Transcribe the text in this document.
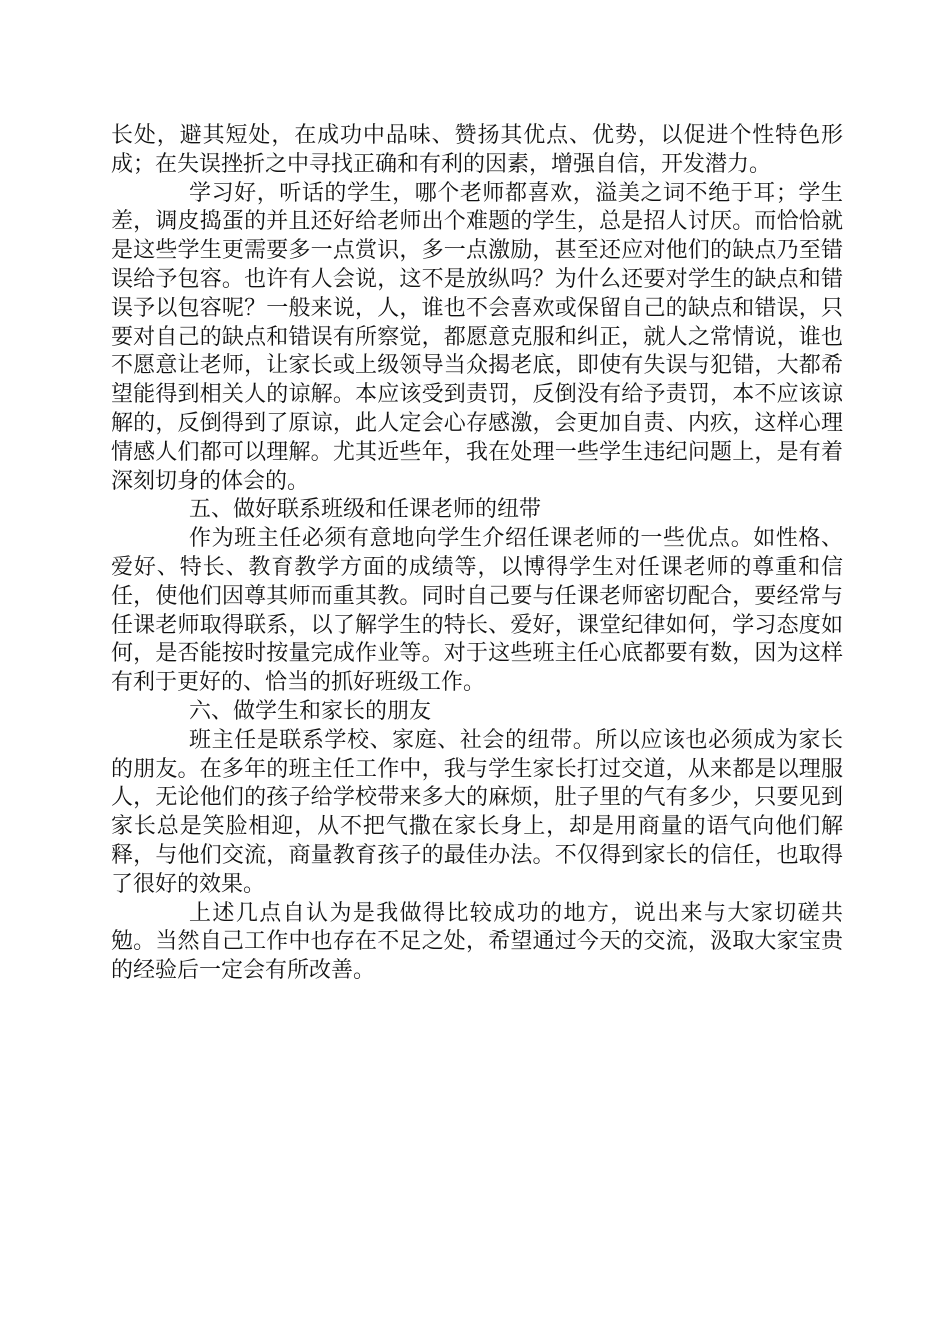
长处，避其短处，在成功中品味、赞扬其优点、优势，以促进个性特色形成；在失误挫折之中寻找正确和有利的因素，增强自信，开发潜力。

学习好，听话的学生，哪个老师都喜欢，溢美之词不绝于耳；学生差，调皮捣蛋的并且还好给老师出个难题的学生，总是招人讨厌。而恰恰就是这些学生更需要多一点赏识，多一点激励，甚至还应对他们的缺点乃至错误给予包容。也许有人会说，这不是放纵吗？为什么还要对学生的缺点和错误予以包容呢？一般来说，人，谁也不会喜欢或保留自己的缺点和错误，只要对自己的缺点和错误有所察觉，都愿意克服和纠正，就人之常情说，谁也不愿意让老师，让家长或上级领导当众揭老底，即使有失误与犯错，大都希望能得到相关人的谅解。本应该受到责罚，反倒没有给予责罚，本不应该谅解的，反倒得到了原谅，此人定会心存感激，会更加自责、内疚，这样心理情感人们都可以理解。尤其近些年，我在处理一些学生违纪问题上，是有着深刻切身的体会的。

五、做好联系班级和任课老师的纽带

作为班主任必须有意地向学生介绍任课老师的一些优点。如性格、爱好、特长、教育教学方面的成绩等，以博得学生对任课老师的尊重和信任，使他们因尊其师而重其教。同时自己要与任课老师密切配合，要经常与任课老师取得联系，以了解学生的特长、爱好，课堂纪律如何，学习态度如何，是否能按时按量完成作业等。对于这些班主任心底都要有数，因为这样有利于更好的、恰当的抓好班级工作。

六、做学生和家长的朋友

班主任是联系学校、家庭、社会的纽带。所以应该也必须成为家长的朋友。在多年的班主任工作中，我与学生家长打过交道，从来都是以理服人，无论他们的孩子给学校带来多大的麻烦，肚子里的气有多少，只要见到家长总是笑脸相迎，从不把气撒在家长身上，却是用商量的语气向他们解释，与他们交流，商量教育孩子的最佳办法。不仅得到家长的信任，也取得了很好的效果。

上述几点自认为是我做得比较成功的地方，说出来与大家切磋共勉。当然自己工作中也存在不足之处，希望通过今天的交流，汲取大家宝贵的经验后一定会有所改善。
